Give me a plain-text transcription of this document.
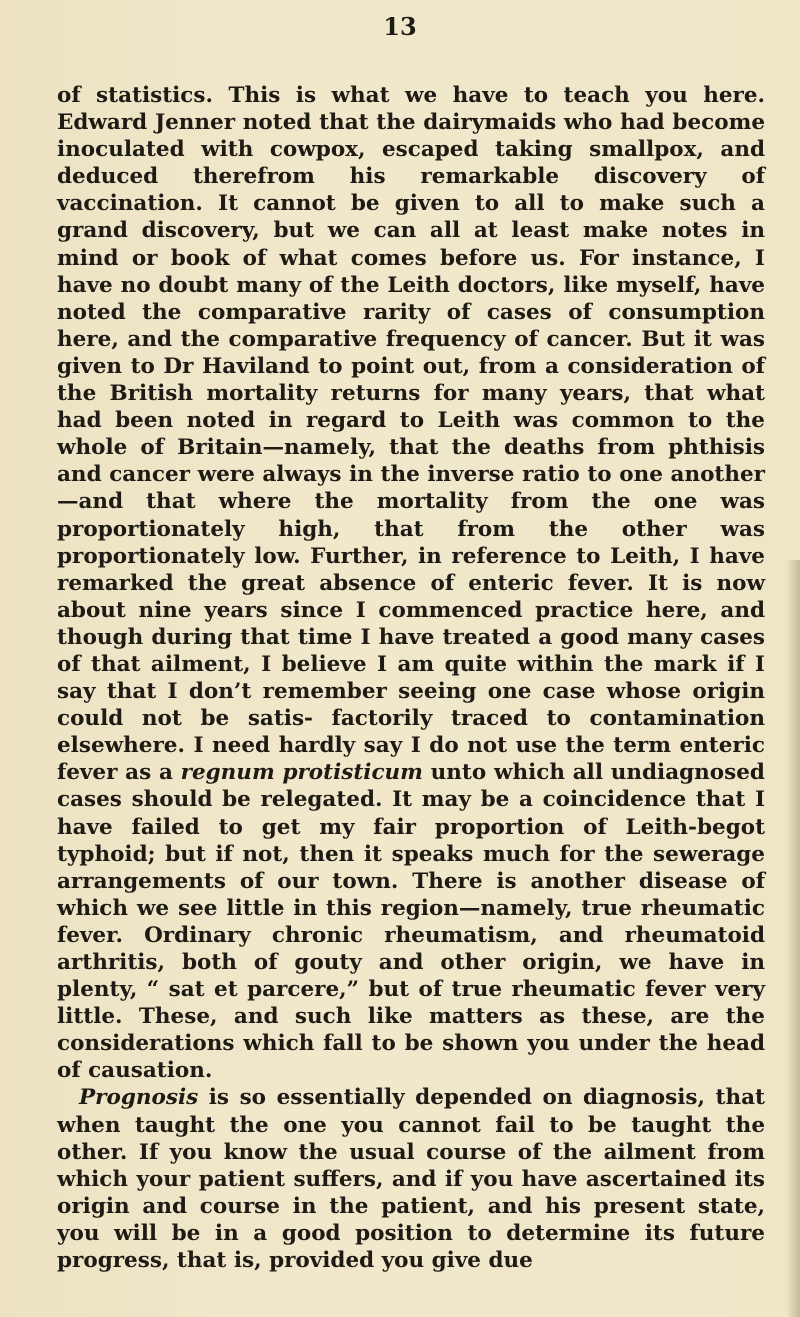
13

of statistics. This is what we have to teach you here. Edward Jenner noted that the dairymaids who had become inoculated with cowpox, escaped taking smallpox, and deduced therefrom his remarkable discovery of vaccination. It cannot be given to all to make such a grand discovery, but we can all at least make notes in mind or book of what comes before us. For instance, I have no doubt many of the Leith doctors, like myself, have noted the comparative rarity of cases of consumption here, and the comparative frequency of cancer. But it was given to Dr Haviland to point out, from a consideration of the British mortality returns for many years, that what had been noted in regard to Leith was common to the whole of Britain—namely, that the deaths from phthisis and cancer were always in the inverse ratio to one another—and that where the mortality from the one was proportionately high, that from the other was proportionately low. Further, in reference to Leith, I have remarked the great absence of enteric fever. It is now about nine years since I commenced practice here, and though during that time I have treated a good many cases of that ailment, I believe I am quite within the mark if I say that I don’t remember seeing one case whose origin could not be satis- factorily traced to contamination elsewhere. I need hardly say I do not use the term enteric fever as a regnum protisticum unto which all undiagnosed cases should be relegated. It may be a coincidence that I have failed to get my fair proportion of Leith-begot typhoid; but if not, then it speaks much for the sewerage arrangements of our town. There is another disease of which we see little in this region—namely, true rheumatic fever. Ordinary chronic rheumatism, and rheumatoid arthritis, both of gouty and other origin, we have in plenty, “ sat et parcere,” but of true rheumatic fever very little. These, and such like matters as these, are the considerations which fall to be shown you under the head of causation.

Prognosis is so essentially depended on diagnosis, that when taught the one you cannot fail to be taught the other. If you know the usual course of the ailment from which your patient suffers, and if you have ascertained its origin and course in the patient, and his present state, you will be in a good position to determine its future progress, that is, provided you give due
